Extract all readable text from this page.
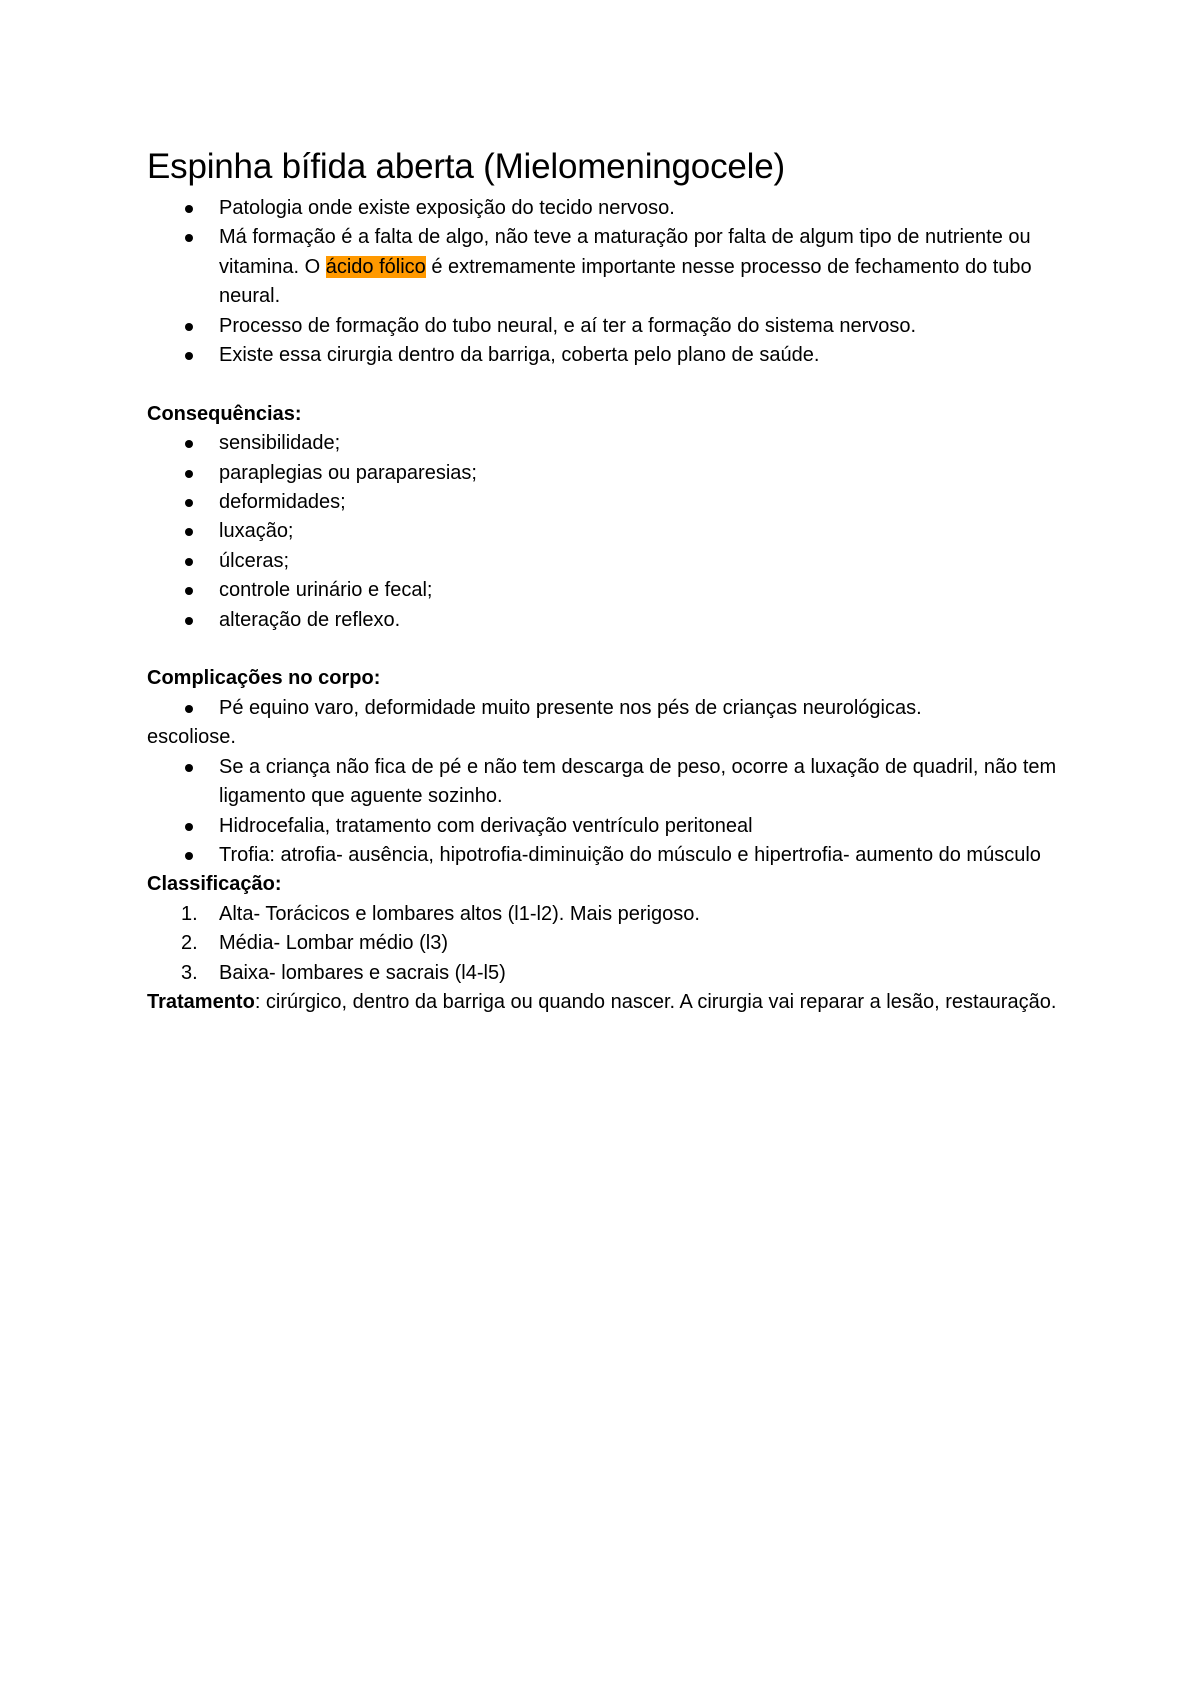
Espinha bífida aberta (Mielomeningocele)
Patologia onde existe exposição do tecido nervoso.
Má formação é a falta de algo, não teve a maturação por falta de algum tipo de nutriente ou vitamina. O ácido fólico é extremamente importante nesse processo de fechamento do tubo neural.
Processo de formação do tubo neural, e aí ter a formação do sistema nervoso.
Existe essa cirurgia dentro da barriga, coberta pelo plano de saúde.

Consequências:

sensibilidade;
paraplegias ou paraparesias;
deformidades;
luxação;
úlceras;
controle urinário e fecal;
alteração de reflexo.

Complicações no corpo:

Pé equino varo, deformidade muito presente nos pés de crianças neurológicas.

escoliose.

Se a criança não fica de pé e não tem descarga de peso, ocorre a luxação de quadril, não tem ligamento que aguente sozinho.
Hidrocefalia, tratamento com derivação ventrículo peritoneal
Trofia: atrofia- ausência, hipotrofia-diminuição do músculo e hipertrofia- aumento do músculo

Classificação:

1. Alta- Torácicos e lombares altos (l1-l2). Mais perigoso.
2. Média- Lombar médio (l3)
3. Baixa- lombares e sacrais (l4-l5)

Tratamento: cirúrgico, dentro da barriga ou quando nascer. A cirurgia vai reparar a lesão, restauração.
